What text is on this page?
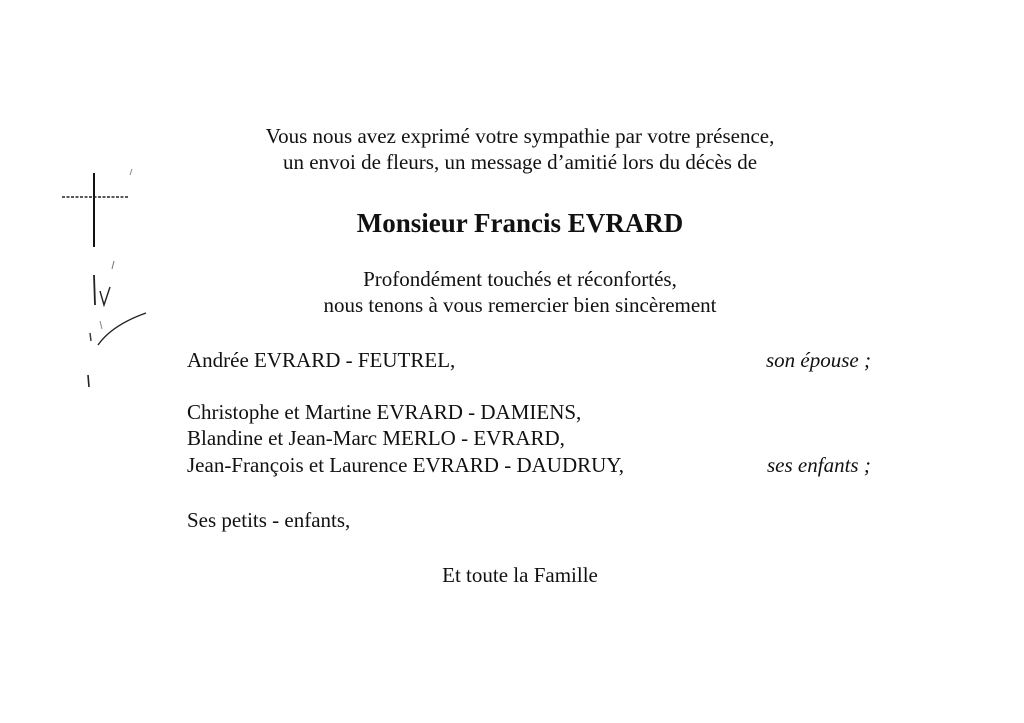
Vous nous avez exprimé votre sympathie par votre présence,
un envoi de fleurs, un message d’amitié lors du décès de
Monsieur Francis EVRARD
Profondément touchés et réconfortés,
nous tenons à vous remercier bien sincèrement
Andrée EVRARD - FEUTREL,	son épouse ;
Christophe et Martine EVRARD - DAMIENS,
Blandine et Jean-Marc MERLO - EVRARD,
Jean-François et Laurence EVRARD - DAUDRUY,	ses enfants ;
Ses petits - enfants,
Et toute la Famille
